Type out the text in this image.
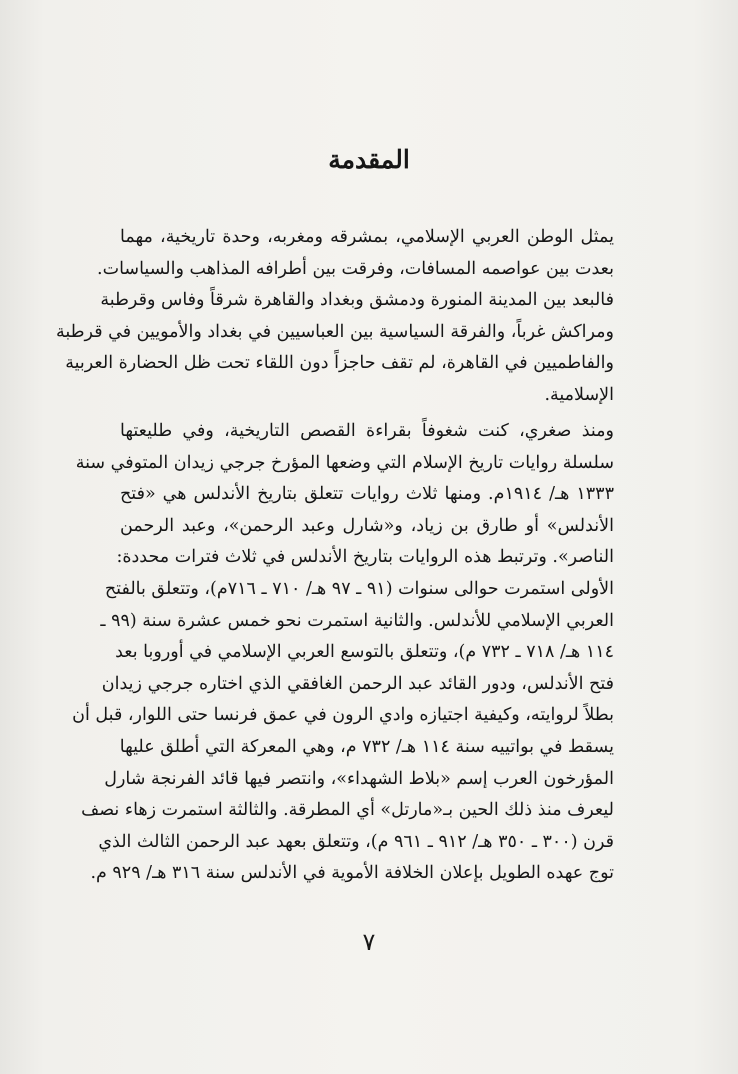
المقدمة
يمثل الوطن العربي الإسلامي، بمشرقه ومغربه، وحدة تاريخية، مهما
بعدت بين عواصمه المسافات، وفرقت بين أطرافه المذاهب والسياسات.
فالبعد بين المدينة المنورة ودمشق وبغداد والقاهرة شرقاً وفاس وقرطبة
ومراكش غرباً، والفرقة السياسية بين العباسيين في بغداد والأمويين في قرطبة
والفاطميين في القاهرة، لم تقف حاجزاً دون اللقاء تحت ظل الحضارة العربية
الإسلامية.
ومنذ صغري، كنت شغوفاً بقراءة القصص التاريخية، وفي طليعتها
سلسلة روايات تاريخ الإسلام التي وضعها المؤرخ جرجي زيدان المتوفي سنة
١٣٣٣ هـ/ ١٩١٤م. ومنها ثلاث روايات تتعلق بتاريخ الأندلس هي «فتح
الأندلس» أو طارق بن زياد، و«شارل وعبد الرحمن»، وعبد الرحمن
الناصر». وترتبط هذه الروايات بتاريخ الأندلس في ثلاث فترات محددة:
الأولى استمرت حوالى سنوات (٩١ ـ ٩٧ هـ/ ٧١٠ ـ ٧١٦م)، وتتعلق بالفتح
العربي الإسلامي للأندلس. والثانية استمرت نحو خمس عشرة سنة (٩٩ ـ
١١٤ هـ/ ٧١٨ ـ ٧٣٢ م)، وتتعلق بالتوسع العربي الإسلامي في أوروبا بعد
فتح الأندلس، ودور القائد عبد الرحمن الغافقي الذي اختاره جرجي زيدان
بطلاً لروايته، وكيفية اجتيازه وادي الرون في عمق فرنسا حتى اللوار، قبل أن
يسقط في بواتييه سنة ١١٤ هـ/ ٧٣٢ م، وهي المعركة التي أطلق عليها
المؤرخون العرب إسم «بلاط الشهداء»، وانتصر فيها قائد الفرنجة شارل
ليعرف منذ ذلك الحين بـ«مارتل» أي المطرقة. والثالثة استمرت زهاء نصف
قرن (٣٠٠ ـ ٣٥٠ هـ/ ٩١٢ ـ ٩٦١ م)، وتتعلق بعهد عبد الرحمن الثالث الذي
توج عهده الطويل بإعلان الخلافة الأموية في الأندلس سنة ٣١٦ هـ/ ٩٢٩ م.
٧
